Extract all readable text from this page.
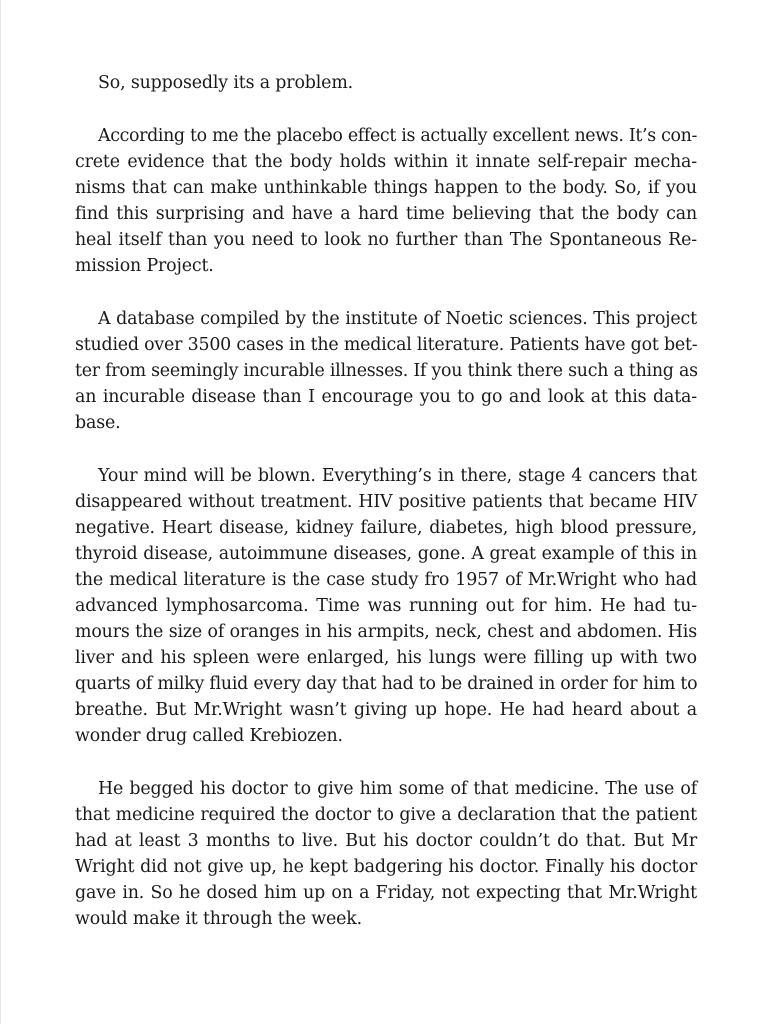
So, supposedly its a problem.

According to me the placebo effect is actually excellent news. It’s con-

crete evidence that the body holds within it innate self-repair mecha-

nisms that can make unthinkable things happen to the body. So, if you

find this surprising and have a hard time believing that the body can

heal itself than you need to look no further than The Spontaneous Re-

mission Project.

A database compiled by the institute of Noetic sciences. This project

studied over 3500 cases in the medical literature. Patients have got bet-

ter from seemingly incurable illnesses. If you think there such a thing as

an incurable disease than I encourage you to go and look at this data-

base.

Your mind will be blown. Everything’s in there, stage 4 cancers that

disappeared without treatment. HIV positive patients that became HIV

negative. Heart disease, kidney failure, diabetes, high blood pressure,

thyroid disease, autoimmune diseases, gone. A great example of this in

the medical literature is the case study fro 1957 of Mr.Wright who had

advanced lymphosarcoma. Time was running out for him. He had tu-

mours the size of oranges in his armpits, neck, chest and abdomen. His

liver and his spleen were enlarged, his lungs were filling up with two

quarts of milky fluid every day that had to be drained in order for him to

breathe. But Mr.Wright wasn’t giving up hope. He had heard about a

wonder drug called Krebiozen.

He begged his doctor to give him some of that medicine. The use of

that medicine required the doctor to give a declaration that the patient

had at least 3 months to live. But his doctor couldn’t do that. But Mr

Wright did not give up, he kept badgering his doctor. Finally his doctor

gave in. So he dosed him up on a Friday, not expecting that Mr.Wright

would make it through the week.
